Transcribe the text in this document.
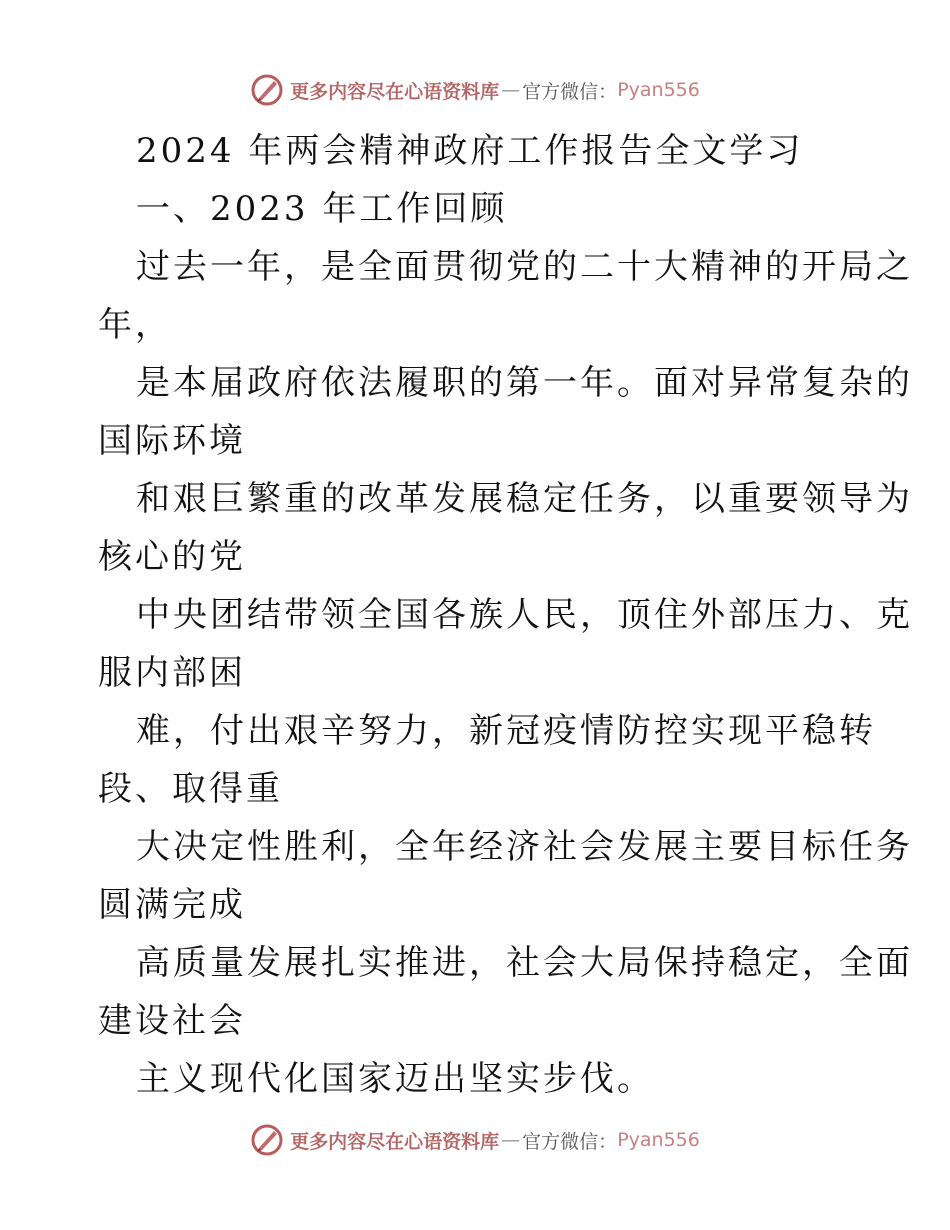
更多内容尽在心语资料库 — 官方微信： Pyan556
2024 年两会精神政府工作报告全文学习
一、2023 年工作回顾
过去一年，是全面贯彻党的二十大精神的开局之
年，
是本届政府依法履职的第一年。面对异常复杂的
国际环境
和艰巨繁重的改革发展稳定任务，以重要领导为
核心的党
中央团结带领全国各族人民，顶住外部压力、克
服内部困
难，付出艰辛努力，新冠疫情防控实现平稳转
段、取得重
大决定性胜利，全年经济社会发展主要目标任务
圆满完成
高质量发展扎实推进，社会大局保持稳定，全面
建设社会
主义现代化国家迈出坚实步伐。
更多内容尽在心语资料库 — 官方微信： Pyan556
